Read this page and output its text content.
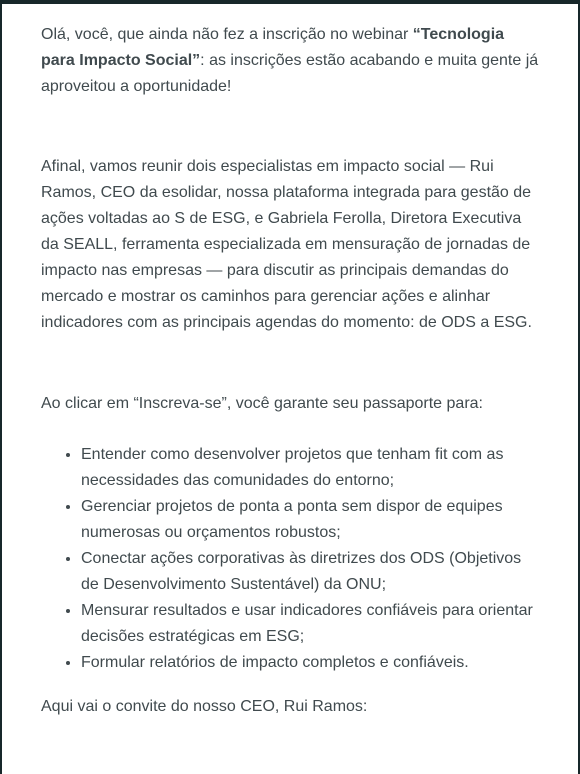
Olá, você, que ainda não fez a inscrição no webinar “Tecnologia para Impacto Social”: as inscrições estão acabando e muita gente já aproveitou a oportunidade!

Afinal, vamos reunir dois especialistas em impacto social — Rui Ramos, CEO da esolidar, nossa plataforma integrada para gestão de ações voltadas ao S de ESG, e Gabriela Ferolla, Diretora Executiva da SEALL, ferramenta especializada em mensuração de jornadas de impacto nas empresas — para discutir as principais demandas do mercado e mostrar os caminhos para gerenciar ações e alinhar indicadores com as principais agendas do momento: de ODS a ESG.

Ao clicar em “Inscreva-se”, você garante seu passaporte para:

• Entender como desenvolver projetos que tenham fit com as necessidades das comunidades do entorno;
• Gerenciar projetos de ponta a ponta sem dispor de equipes numerosas ou orçamentos robustos;
• Conectar ações corporativas às diretrizes dos ODS (Objetivos de Desenvolvimento Sustentável) da ONU;
• Mensurar resultados e usar indicadores confiáveis para orientar decisões estratégicas em ESG;
• Formular relatórios de impacto completos e confiáveis.

Aqui vai o convite do nosso CEO, Rui Ramos:
